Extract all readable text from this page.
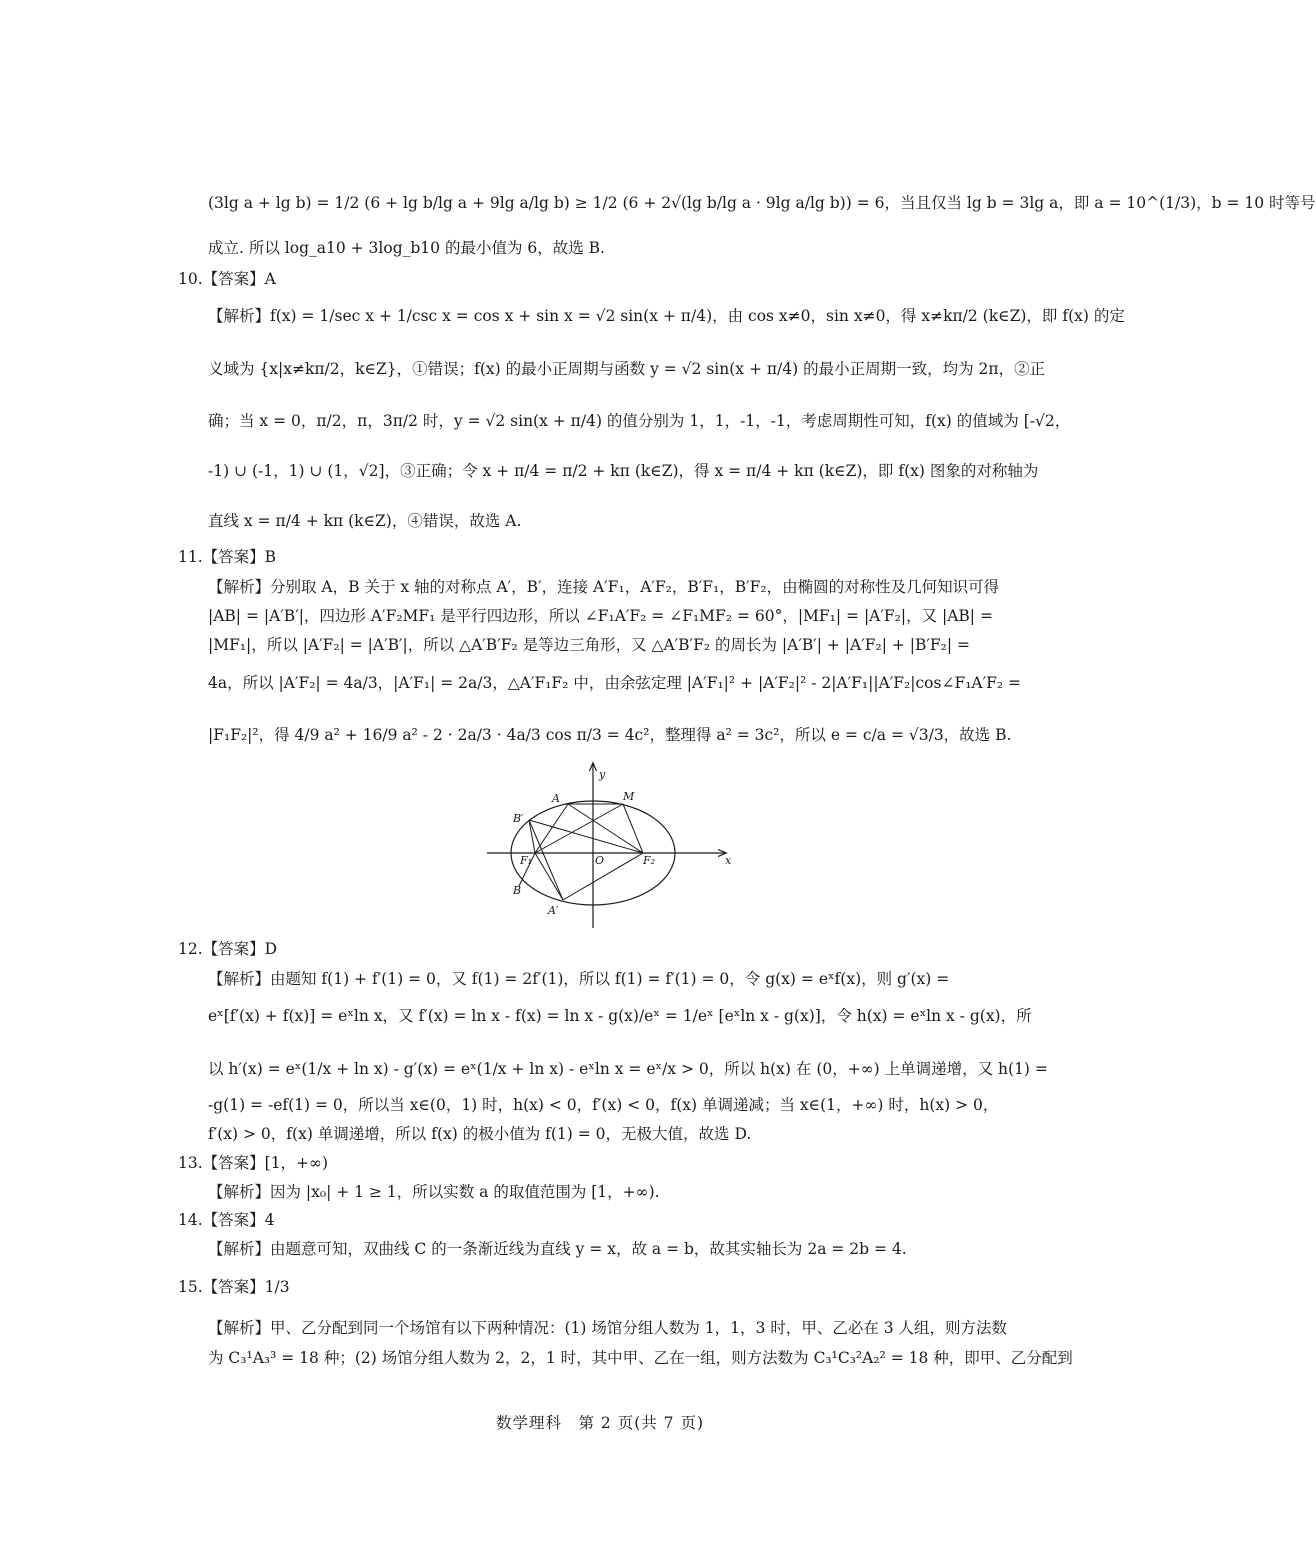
(3lg a + lg b) = 1/2 (6 + lg b/lg a + 9lg a/lg b) ≥ 1/2 (6 + 2√(lg b/lg a · 9lg a/lg b)) = 6，当且仅当 lg b = 3lg a，即 a = 10^(1/3)，b = 10 时等号
成立. 所以 log_a10 + 3log_b10 的最小值为 6，故选 B.
10.【答案】A
【解析】f(x) = 1/sec x + 1/csc x = cos x + sin x = √2 sin(x + π/4)，由 cos x≠0，sin x≠0，得 x≠kπ/2 (k∈Z)，即 f(x) 的定
义域为 {x|x≠kπ/2，k∈Z}，①错误；f(x) 的最小正周期与函数 y = √2 sin(x + π/4) 的最小正周期一致，均为 2π，②正
确；当 x = 0，π/2，π，3π/2 时，y = √2 sin(x + π/4) 的值分别为 1，1，-1，-1，考虑周期性可知，f(x) 的值域为 [-√2，
-1) ∪ (-1，1) ∪ (1，√2]，③正确；令 x + π/4 = π/2 + kπ (k∈Z)，得 x = π/4 + kπ (k∈Z)，即 f(x) 图象的对称轴为
直线 x = π/4 + kπ (k∈Z)，④错误，故选 A.
11.【答案】B
【解析】分别取 A，B 关于 x 轴的对称点 A′，B′，连接 A′F₁，A′F₂，B′F₁，B′F₂，由椭圆的对称性及几何知识可得
|AB| = |A′B′|，四边形 A′F₂MF₁ 是平行四边形，所以 ∠F₁A′F₂ = ∠F₁MF₂ = 60°，|MF₁| = |A′F₂|，又 |AB| =
|MF₁|，所以 |A′F₂| = |A′B′|，所以 △A′B′F₂ 是等边三角形，又 △A′B′F₂ 的周长为 |A′B′| + |A′F₂| + |B′F₂| =
4a，所以 |A′F₂| = 4a/3，|A′F₁| = 2a/3，△A′F₁F₂ 中，由余弦定理 |A′F₁|² + |A′F₂|² - 2|A′F₁||A′F₂|cos∠F₁A′F₂ =
|F₁F₂|²，得 4/9 a² + 16/9 a² - 2 · 2a/3 · 4a/3 cos π/3 = 4c²，整理得 a² = 3c²，所以 e = c/a = √3/3，故选 B.
y
x
O
A	M
B′
F₁	F₂
B
A′
12.【答案】D
【解析】由题知 f(1) + f′(1) = 0，又 f(1) = 2f′(1)，所以 f(1) = f′(1) = 0，令 g(x) = eˣf(x)，则 g′(x) =
eˣ[f′(x) + f(x)] = eˣln x，又 f′(x) = ln x - f(x) = ln x - g(x)/eˣ = 1/eˣ [eˣln x - g(x)]，令 h(x) = eˣln x - g(x)，所
以 h′(x) = eˣ(1/x + ln x) - g′(x) = eˣ(1/x + ln x) - eˣln x = eˣ/x > 0，所以 h(x) 在 (0，+∞) 上单调递增，又 h(1) =
-g(1) = -ef(1) = 0，所以当 x∈(0，1) 时，h(x) < 0，f′(x) < 0，f(x) 单调递减；当 x∈(1，+∞) 时，h(x) > 0，
f′(x) > 0，f(x) 单调递增，所以 f(x) 的极小值为 f(1) = 0，无极大值，故选 D.
13.【答案】[1，+∞)
【解析】因为 |x₀| + 1 ≥ 1，所以实数 a 的取值范围为 [1，+∞).
14.【答案】4
【解析】由题意可知，双曲线 C 的一条渐近线为直线 y = x，故 a = b，故其实轴长为 2a = 2b = 4.
15.【答案】1/3
【解析】甲、乙分配到同一个场馆有以下两种情况：(1) 场馆分组人数为 1，1，3 时，甲、乙必在 3 人组，则方法数
为 C₃¹A₃³ = 18 种；(2) 场馆分组人数为 2，2，1 时，其中甲、乙在一组，则方法数为 C₃¹C₃²A₂² = 18 种，即甲、乙分配到
数学理科　第 2 页(共 7 页)
